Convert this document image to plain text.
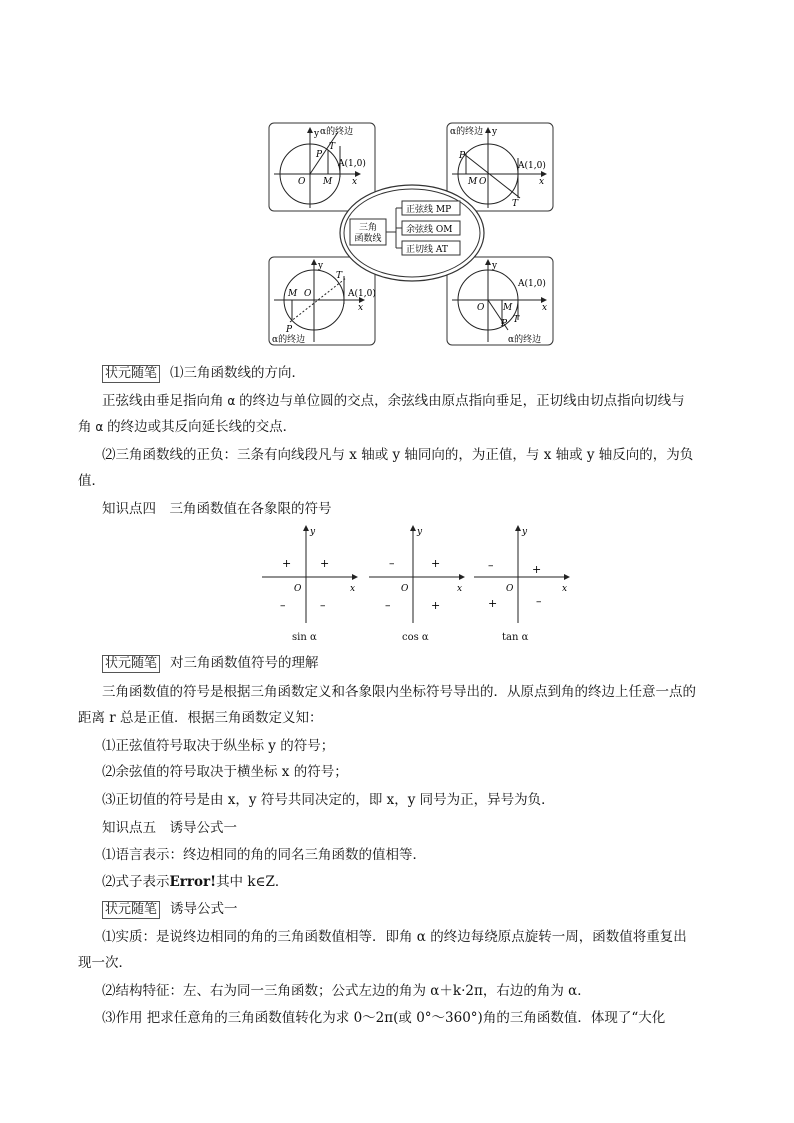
y α的终边
P
T
A(1,0)
M
O	x
α的终边 y
P
A(1,0)
M O	x
T
y
M O	A(1,0)
x
P
T
α的终边
y
A(1,0)
O M	x
P T
α的终边
三角
函数线
正弦线 MP
余弦线 OM
正切线 AT
状元随笔 ⑴三角函数线的方向．
正弦线由垂足指向角 α 的终边与单位圆的交点，余弦线由原点指向垂足，正切线由切点指向切线与
角 α 的终边或其反向延长线的交点．
⑵三角函数线的正负：三条有向线段凡与 x 轴或 y 轴同向的，为正值，与 x 轴或 y 轴反向的，为负
值．
知识点四　三角函数值在各象限的符号
y
x
O
+
+
–	–
sin α
y
x
O
+
–
–	+
cos α
y
x
O
+
–
+	–
tan α
状元随笔 对三角函数值符号的理解
三角函数值的符号是根据三角函数定义和各象限内坐标符号导出的．从原点到角的终边上任意一点的
距离 r 总是正值．根据三角函数定义知：
⑴正弦值符号取决于纵坐标 y 的符号；
⑵余弦值的符号取决于横坐标 x 的符号；
⑶正切值的符号是由 x，y 符号共同决定的，即 x，y 同号为正，异号为负．
知识点五　诱导公式一
⑴语言表示：终边相同的角的同名三角函数的值相等．
⑵式子表示Error!其中 k∈Z．
状元随笔 诱导公式一
⑴实质：是说终边相同的角的三角函数值相等．即角 α 的终边每绕原点旋转一周，函数值将重复出
现一次．
⑵结构特征：左、右为同一三角函数；公式左边的角为 α＋k·2π，右边的角为 α．
⑶作用 把求任意角的三角函数值转化为求 0～2π(或 0°～360°)角的三角函数值．体现了“大化
